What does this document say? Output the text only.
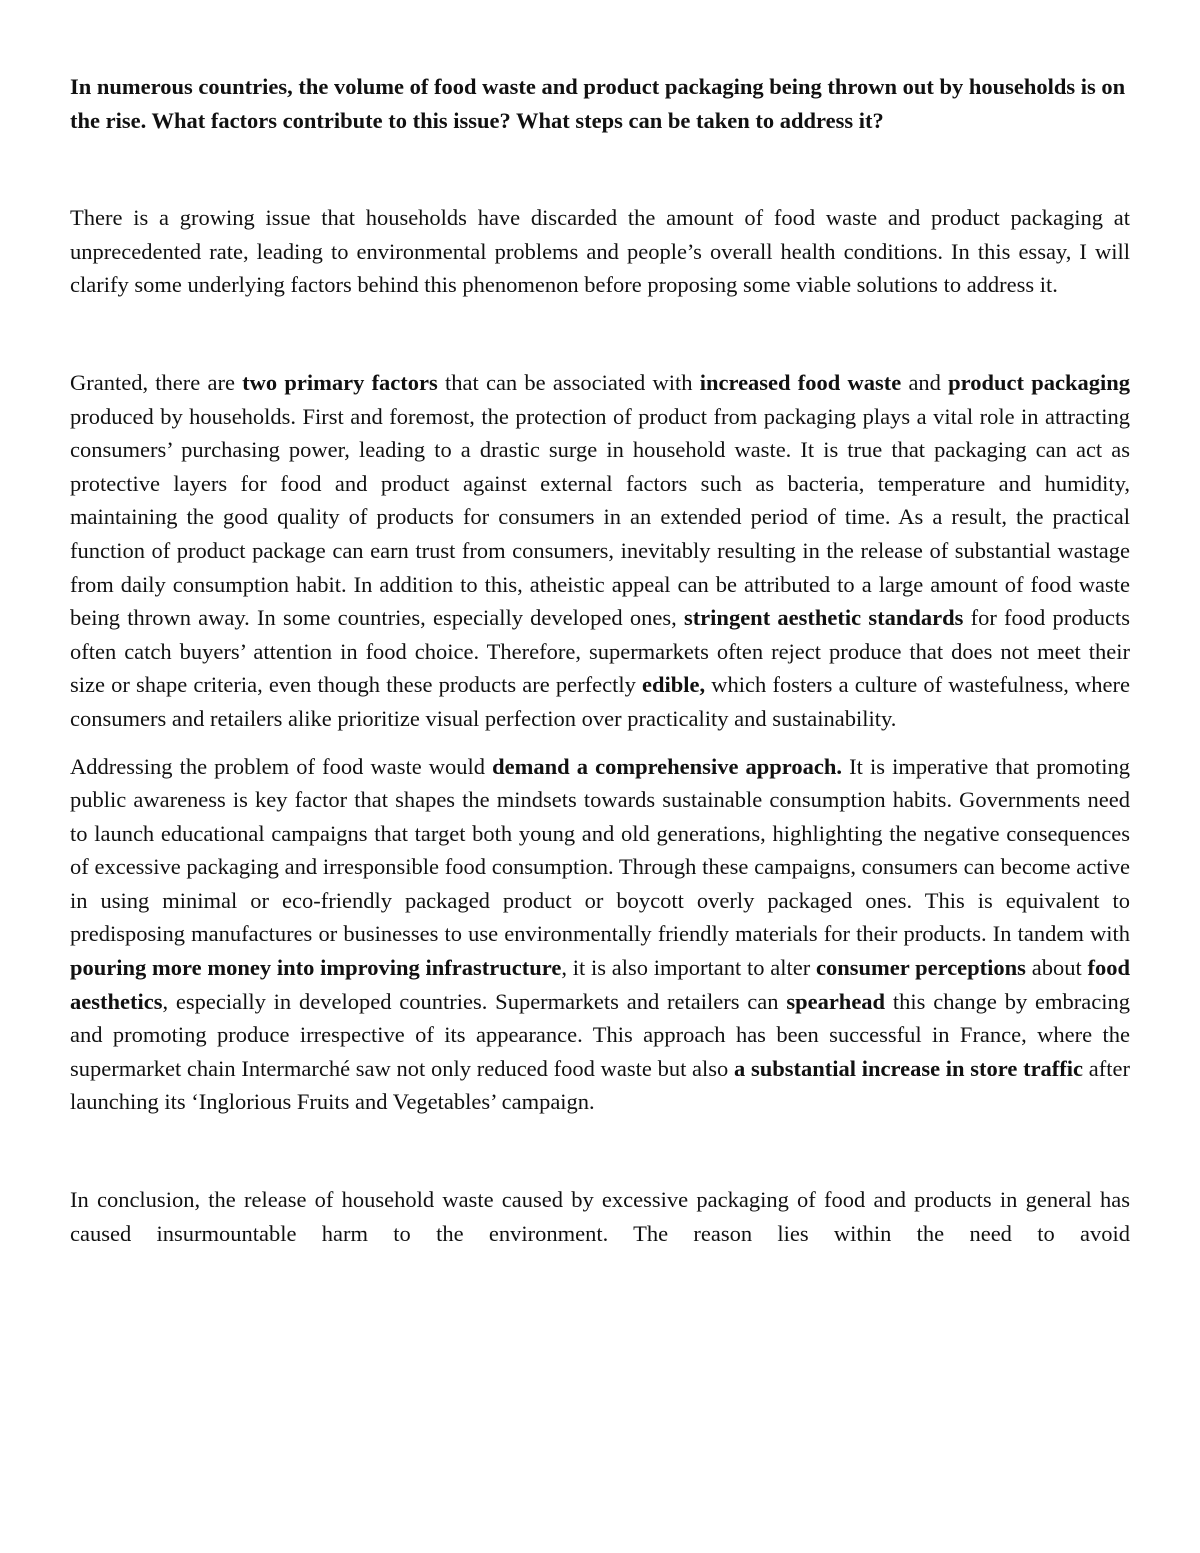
In numerous countries, the volume of food waste and product packaging being thrown out by households is on the rise. What factors contribute to this issue? What steps can be taken to address it?

There is a growing issue that households have discarded the amount of food waste and product packaging at unprecedented rate, leading to environmental problems and people’s overall health conditions. In this essay, I will clarify some underlying factors behind this phenomenon before proposing some viable solutions to address it.

Granted, there are two primary factors that can be associated with increased food waste and product packaging produced by households. First and foremost, the protection of product from packaging plays a vital role in attracting consumers’ purchasing power, leading to a drastic surge in household waste. It is true that packaging can act as protective layers for food and product against external factors such as bacteria, temperature and humidity, maintaining the good quality of products for consumers in an extended period of time. As a result, the practical function of product package can earn trust from consumers, inevitably resulting in the release of substantial wastage from daily consumption habit. In addition to this, atheistic appeal can be attributed to a large amount of food waste being thrown away. In some countries, especially developed ones, stringent aesthetic standards for food products often catch buyers’ attention in food choice. Therefore, supermarkets often reject produce that does not meet their size or shape criteria, even though these products are perfectly edible, which fosters a culture of wastefulness, where consumers and retailers alike prioritize visual perfection over practicality and sustainability.

Addressing the problem of food waste would demand a comprehensive approach. It is imperative that promoting public awareness is key factor that shapes the mindsets towards sustainable consumption habits. Governments need to launch educational campaigns that target both young and old generations, highlighting the negative consequences of excessive packaging and irresponsible food consumption. Through these campaigns, consumers can become active in using minimal or eco-friendly packaged product or boycott overly packaged ones. This is equivalent to predisposing manufactures or businesses to use environmentally friendly materials for their products. In tandem with pouring more money into improving infrastructure, it is also important to alter consumer perceptions about food aesthetics, especially in developed countries. Supermarkets and retailers can spearhead this change by embracing and promoting produce irrespective of its appearance. This approach has been successful in France, where the supermarket chain Intermarché saw not only reduced food waste but also a substantial increase in store traffic after launching its ‘Inglorious Fruits and Vegetables’ campaign.

In conclusion, the release of household waste caused by excessive packaging of food and products in general has caused insurmountable harm to the environment. The reason lies within the need to avoid
